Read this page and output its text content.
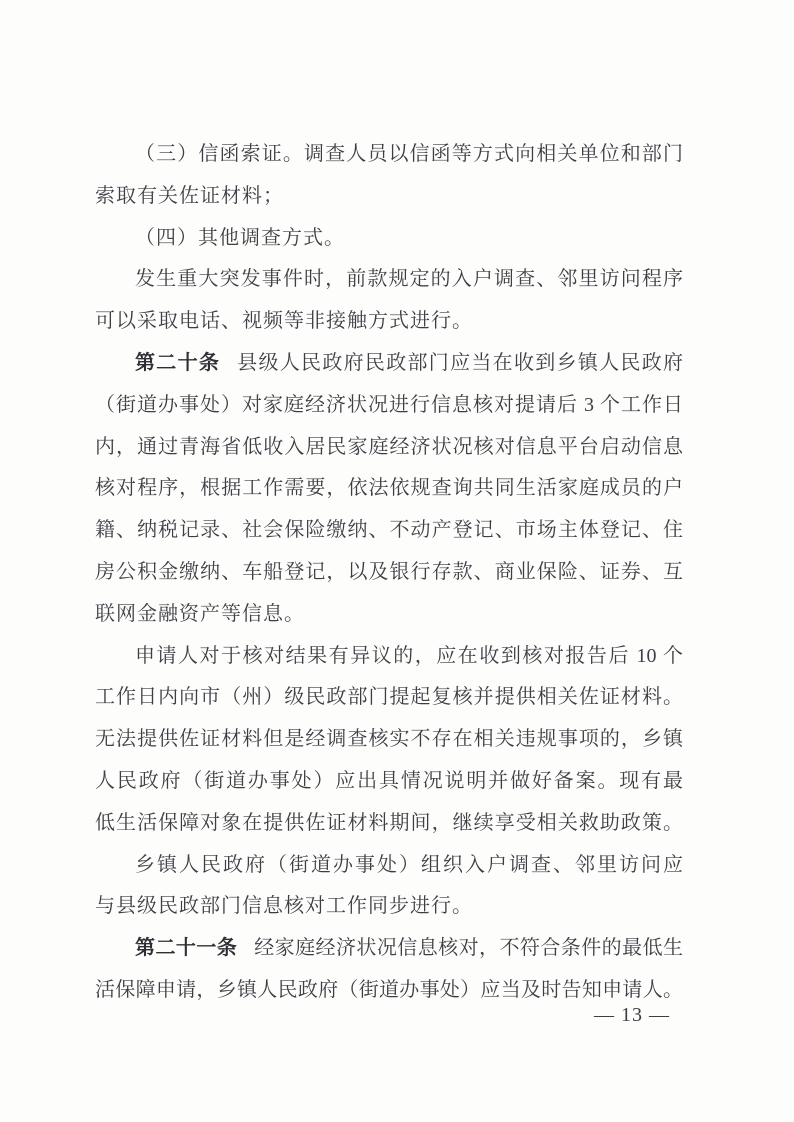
（三）信函索证。调查人员以信函等方式向相关单位和部门
索取有关佐证材料；
（四）其他调查方式。
发生重大突发事件时，前款规定的入户调查、邻里访问程序
可以采取电话、视频等非接触方式进行。
第二十条 县级人民政府民政部门应当在收到乡镇人民政府
（街道办事处）对家庭经济状况进行信息核对提请后 3 个工作日
内，通过青海省低收入居民家庭经济状况核对信息平台启动信息
核对程序，根据工作需要，依法依规查询共同生活家庭成员的户
籍、纳税记录、社会保险缴纳、不动产登记、市场主体登记、住
房公积金缴纳、车船登记，以及银行存款、商业保险、证券、互
联网金融资产等信息。
申请人对于核对结果有异议的，应在收到核对报告后 10 个
工作日内向市（州）级民政部门提起复核并提供相关佐证材料。
无法提供佐证材料但是经调查核实不存在相关违规事项的，乡镇
人民政府（街道办事处）应出具情况说明并做好备案。现有最
低生活保障对象在提供佐证材料期间，继续享受相关救助政策。
乡镇人民政府（街道办事处）组织入户调查、邻里访问应
与县级民政部门信息核对工作同步进行。
第二十一条 经家庭经济状况信息核对，不符合条件的最低生
活保障申请，乡镇人民政府（街道办事处）应当及时告知申请人。
— 13 —
